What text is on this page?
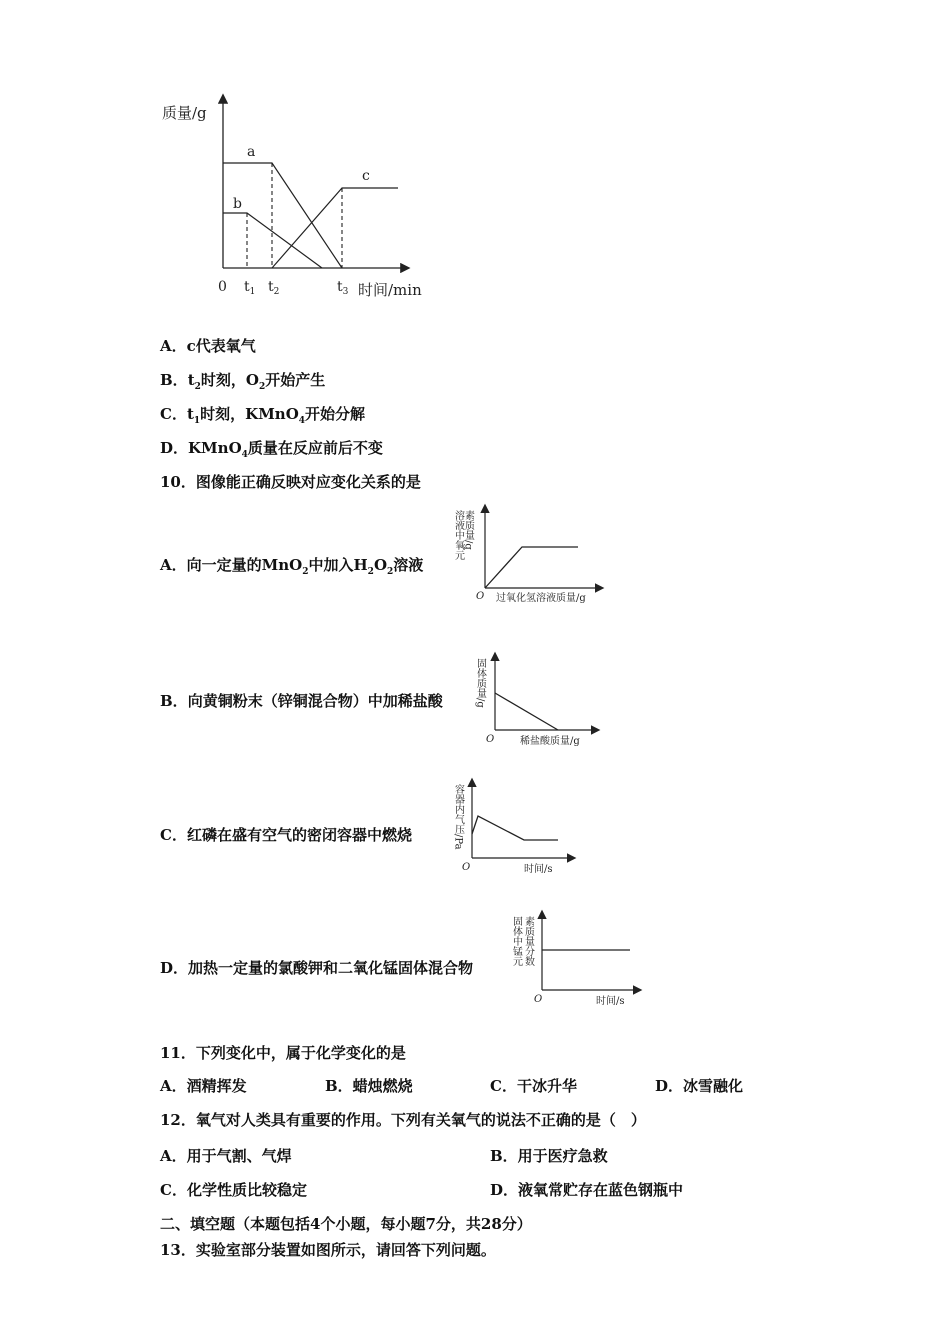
质量/g
时间/min
0 $t_1$ $t_2$	$t_3$
a
b
c
A．c代表氧气
B．$t_2$时刻，$O_2$开始产生
C．$t_1$时刻，KMnO$_4$开始分解
D．KMnO$_4$质量在反应前后不变
10．图像能正确反映对应变化关系的是
A．向一定量的MnO$_2$中加入$H_2O_2$溶液
素质量/g
溶液中氧元
O 过氧化氢溶液质量/g
B．向黄铜粉末（锌铜混合物）中加稀盐酸	固体质量/g
O	稀盐酸质量/g
C．红磷在盛有空气的密闭容器中燃烧	容器内气压/Pa
O	时间/s
D．加热一定量的氯酸钾和二氧化锰固体混合物
素质量分数
固体中锰元
O	时间/s
11．下列变化中，属于化学变化的是
A．酒精挥发	B．蜡烛燃烧	C．干冰升华	D．冰雪融化
12．氧气对人类具有重要的作用。下列有关氧气的说法不正确的是（　）
A．用于气割、气焊	B．用于医疗急救
C．化学性质比较稳定	D．液氧常贮存在蓝色钢瓶中
二、填空题（本题包括4个小题，每小题7分，共28分）
13．实验室部分装置如图所示，请回答下列问题。
